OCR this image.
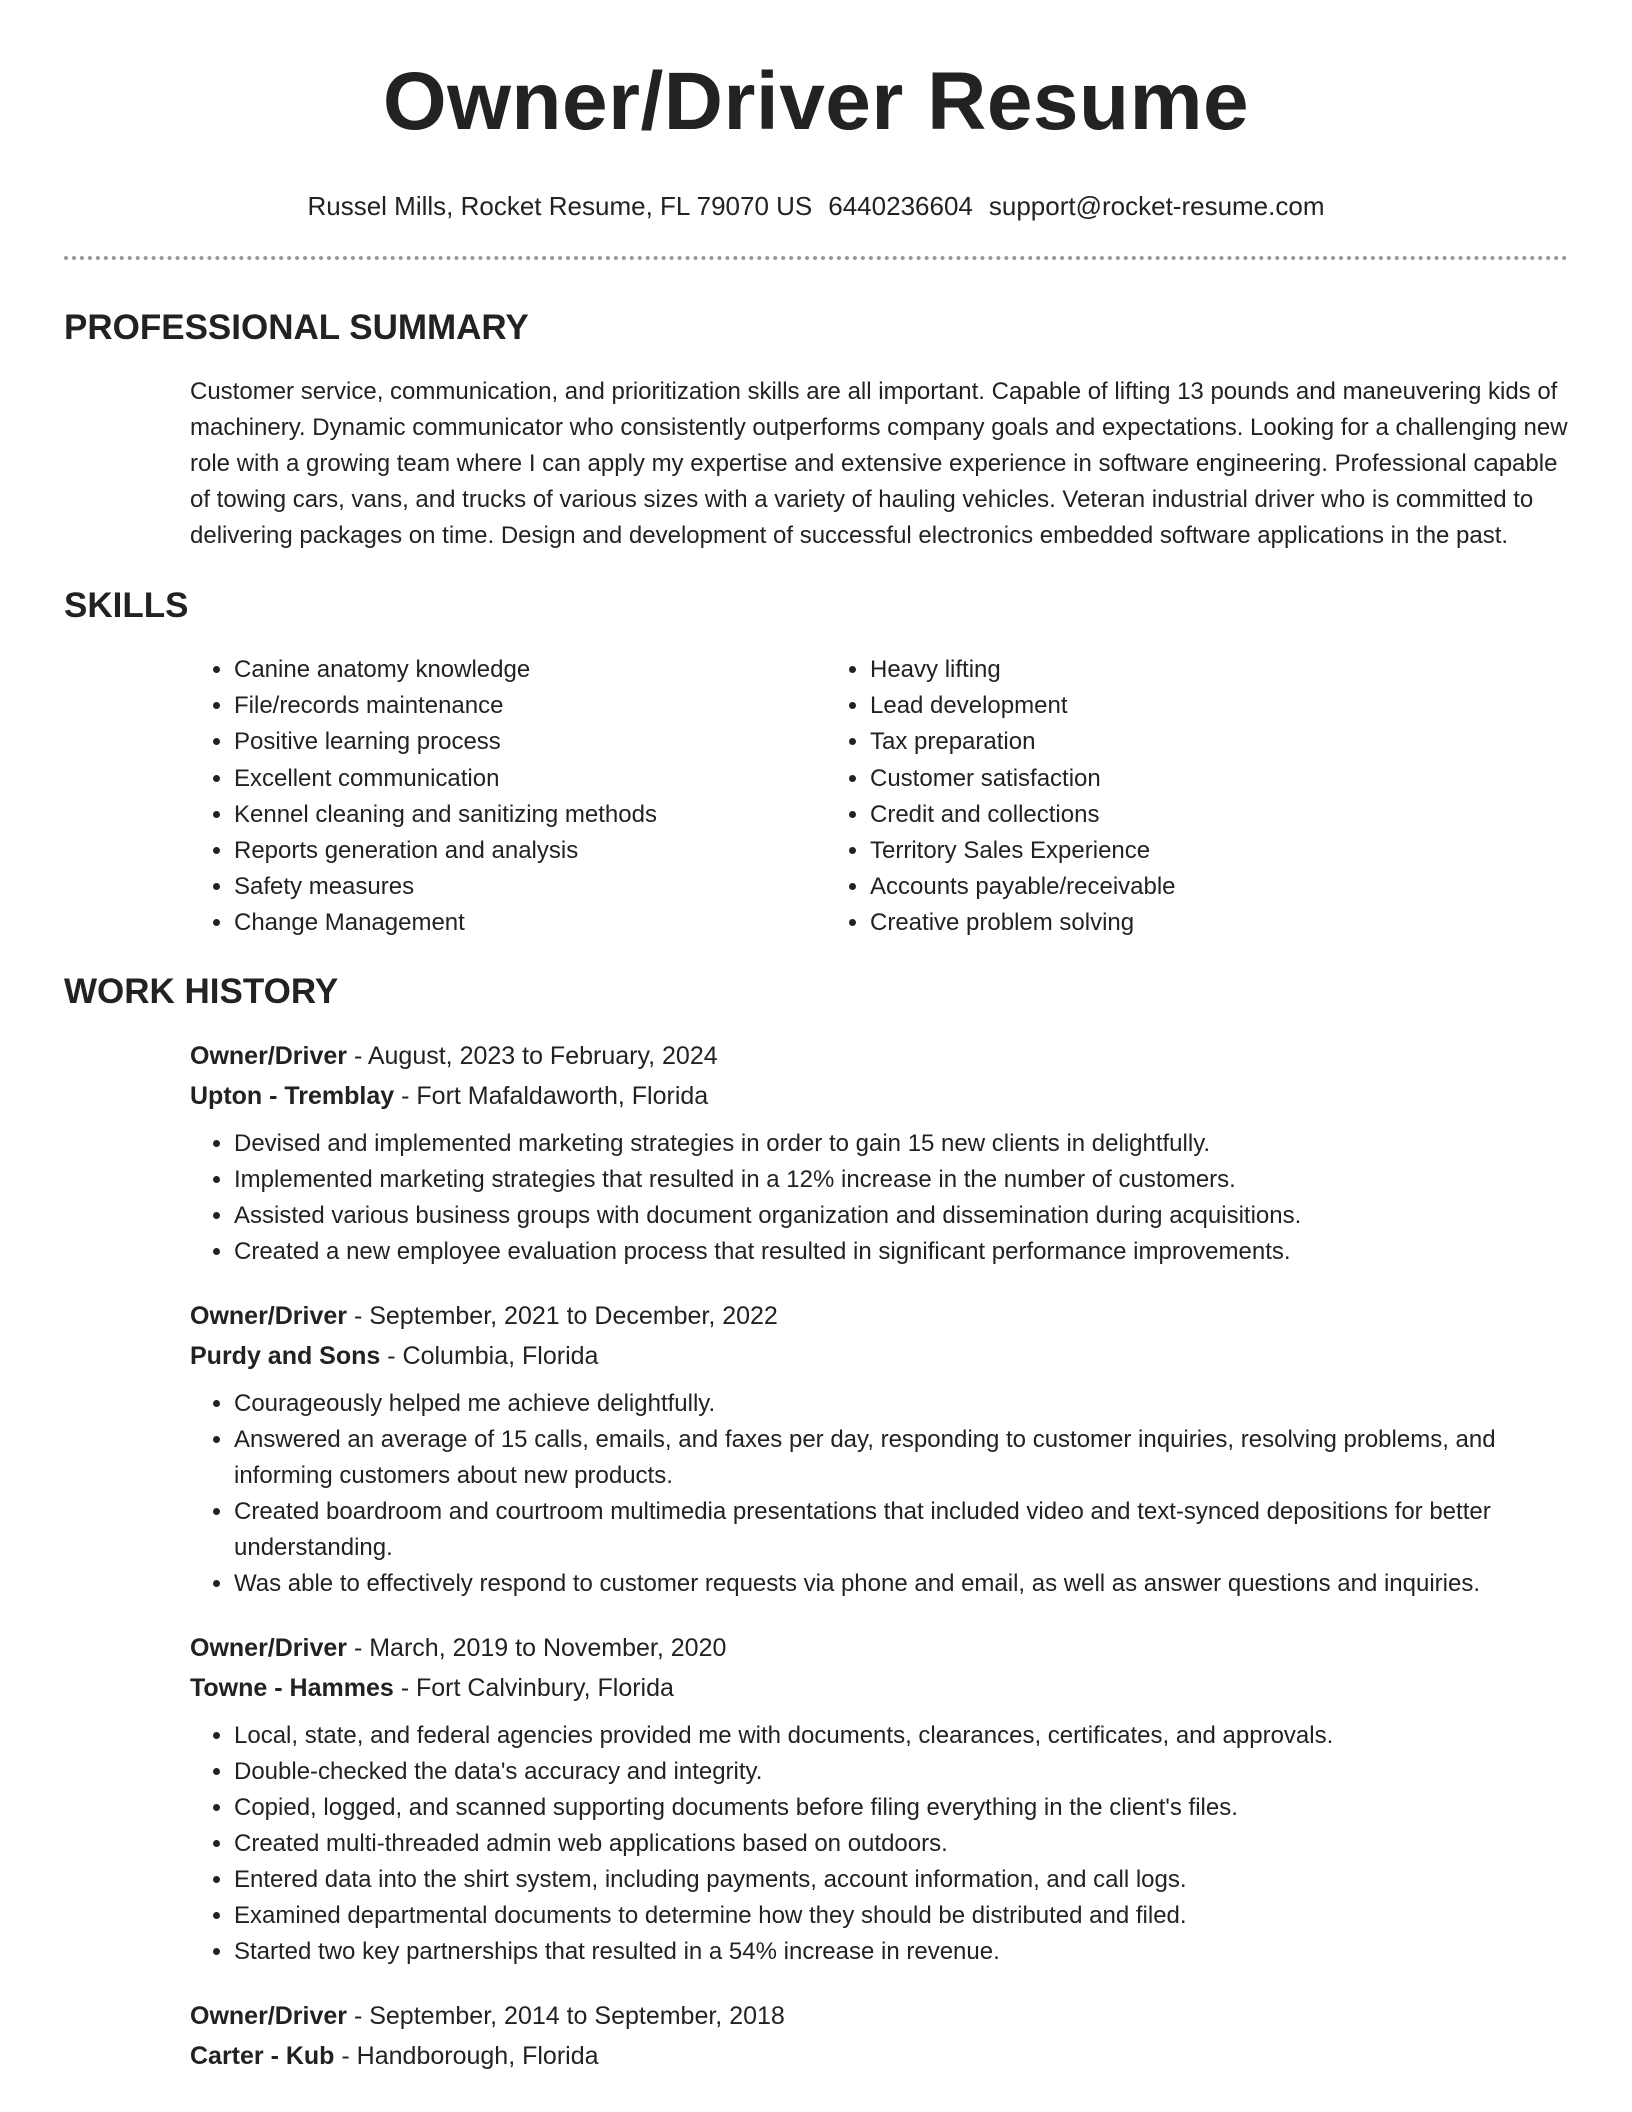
Owner/Driver Resume
Russel Mills, Rocket Resume, FL 79070 US 6440236604 support@rocket-resume.com
PROFESSIONAL SUMMARY

Customer service, communication, and prioritization skills are all important. Capable of lifting 13 pounds and maneuvering kids of machinery. Dynamic communicator who consistently outperforms company goals and expectations. Looking for a challenging new role with a growing team where I can apply my expertise and extensive experience in software engineering. Professional capable of towing cars, vans, and trucks of various sizes with a variety of hauling vehicles. Veteran industrial driver who is committed to delivering packages on time. Design and development of successful electronics embedded software applications in the past.

SKILLS
• Canine anatomy knowledge
• File/records maintenance
• Positive learning process
• Excellent communication
• Kennel cleaning and sanitizing methods
• Reports generation and analysis
• Safety measures
• Change Management
• Heavy lifting
• Lead development
• Tax preparation
• Customer satisfaction
• Credit and collections
• Territory Sales Experience
• Accounts payable/receivable
• Creative problem solving
WORK HISTORY
Owner/Driver - August, 2023 to February, 2024
Upton - Tremblay - Fort Mafaldaworth, Florida
• Devised and implemented marketing strategies in order to gain 15 new clients in delightfully.
• Implemented marketing strategies that resulted in a 12% increase in the number of customers.
• Assisted various business groups with document organization and dissemination during acquisitions.
• Created a new employee evaluation process that resulted in significant performance improvements.
Owner/Driver - September, 2021 to December, 2022
Purdy and Sons - Columbia, Florida
• Courageously helped me achieve delightfully.
• Answered an average of 15 calls, emails, and faxes per day, responding to customer inquiries, resolving problems, and informing customers about new products.
• Created boardroom and courtroom multimedia presentations that included video and text-synced depositions for better understanding.
• Was able to effectively respond to customer requests via phone and email, as well as answer questions and inquiries.
Owner/Driver - March, 2019 to November, 2020
Towne - Hammes - Fort Calvinbury, Florida
• Local, state, and federal agencies provided me with documents, clearances, certificates, and approvals.
• Double-checked the data's accuracy and integrity.
• Copied, logged, and scanned supporting documents before filing everything in the client's files.
• Created multi-threaded admin web applications based on outdoors.
• Entered data into the shirt system, including payments, account information, and call logs.
• Examined departmental documents to determine how they should be distributed and filed.
• Started two key partnerships that resulted in a 54% increase in revenue.
Owner/Driver - September, 2014 to September, 2018
Carter - Kub - Handborough, Florida
